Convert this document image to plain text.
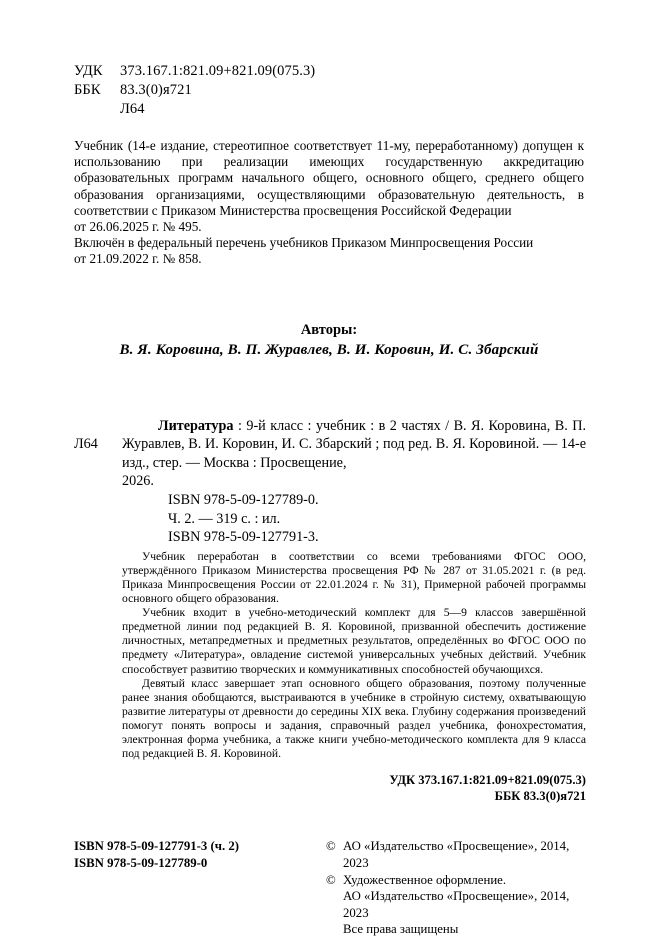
УДК	373.167.1:821.09+821.09(075.3)
ББК	83.3(0)я721
Л64
Учебник (14-е издание, стереотипное соответствует 11-му, переработанному) допущен к использованию при реализации имеющих государственную аккредитацию образовательных программ начального общего, основного общего, среднего общего образования организациями, осуществляющими образовательную деятельность, в соответствии с Приказом Министерства просвещения Российской Федерации
от 26.06.2025 г. № 495.
Включён в федеральный перечень учебников Приказом Минпросвещения России
от 21.09.2022 г. № 858.
Авторы:
В. Я. Коровина, В. П. Журавлев, В. И. Коровин, И. С. Збарский
Л64
Литература : 9-й класс : учебник : в 2 частях / В. Я. Коровина, В. П. Журавлев, В. И. Коровин, И. С. Збарский ; под ред. В. Я. Коровиной. — 14-е изд., стер. — Москва : Просвещение,
2026.
ISBN 978-5-09-127789-0.
Ч. 2. — 319 с. : ил.
ISBN 978-5-09-127791-3.

Учебник переработан в соответствии со всеми требованиями ФГОС ООО, утверждённого Приказом Министерства просвещения РФ № 287 от 31.05.2021 г. (в ред. Приказа Минпросвещения России от 22.01.2024 г. № 31), Примерной рабочей программы основного общего образования.

Учебник входит в учебно-методический комплект для 5—9 классов завершённой предметной линии под редакцией В. Я. Коровиной, призванной обеспечить достижение личностных, метапредметных и предметных результатов, определённых во ФГОС ООО по предмету «Литература», овладение системой универсальных учебных действий. Учебник способствует развитию творческих и коммуникативных способностей обучающихся.

Девятый класс завершает этап основного общего образования, поэтому полученные ранее знания обобщаются, выстраиваются в учебнике в стройную систему, охватывающую развитие литературы от древности до середины XIX века. Глубину содержания произведений помогут понять вопросы и задания, справочный раздел учебника, фонохрестоматия, электронная форма учебника, а также книги учебно-методического комплекта для 9 класса под редакцией В. Я. Коровиной.

УДК 373.167.1:821.09+821.09(075.3)
ББК 83.3(0)я721
ISBN 978-5-09-127791-3 (ч. 2)
ISBN 978-5-09-127789-0
© АО «Издательство «Просвещение», 2014, 2023
© Художественное оформление.
АО «Издательство «Просвещение», 2014, 2023
Все права защищены
